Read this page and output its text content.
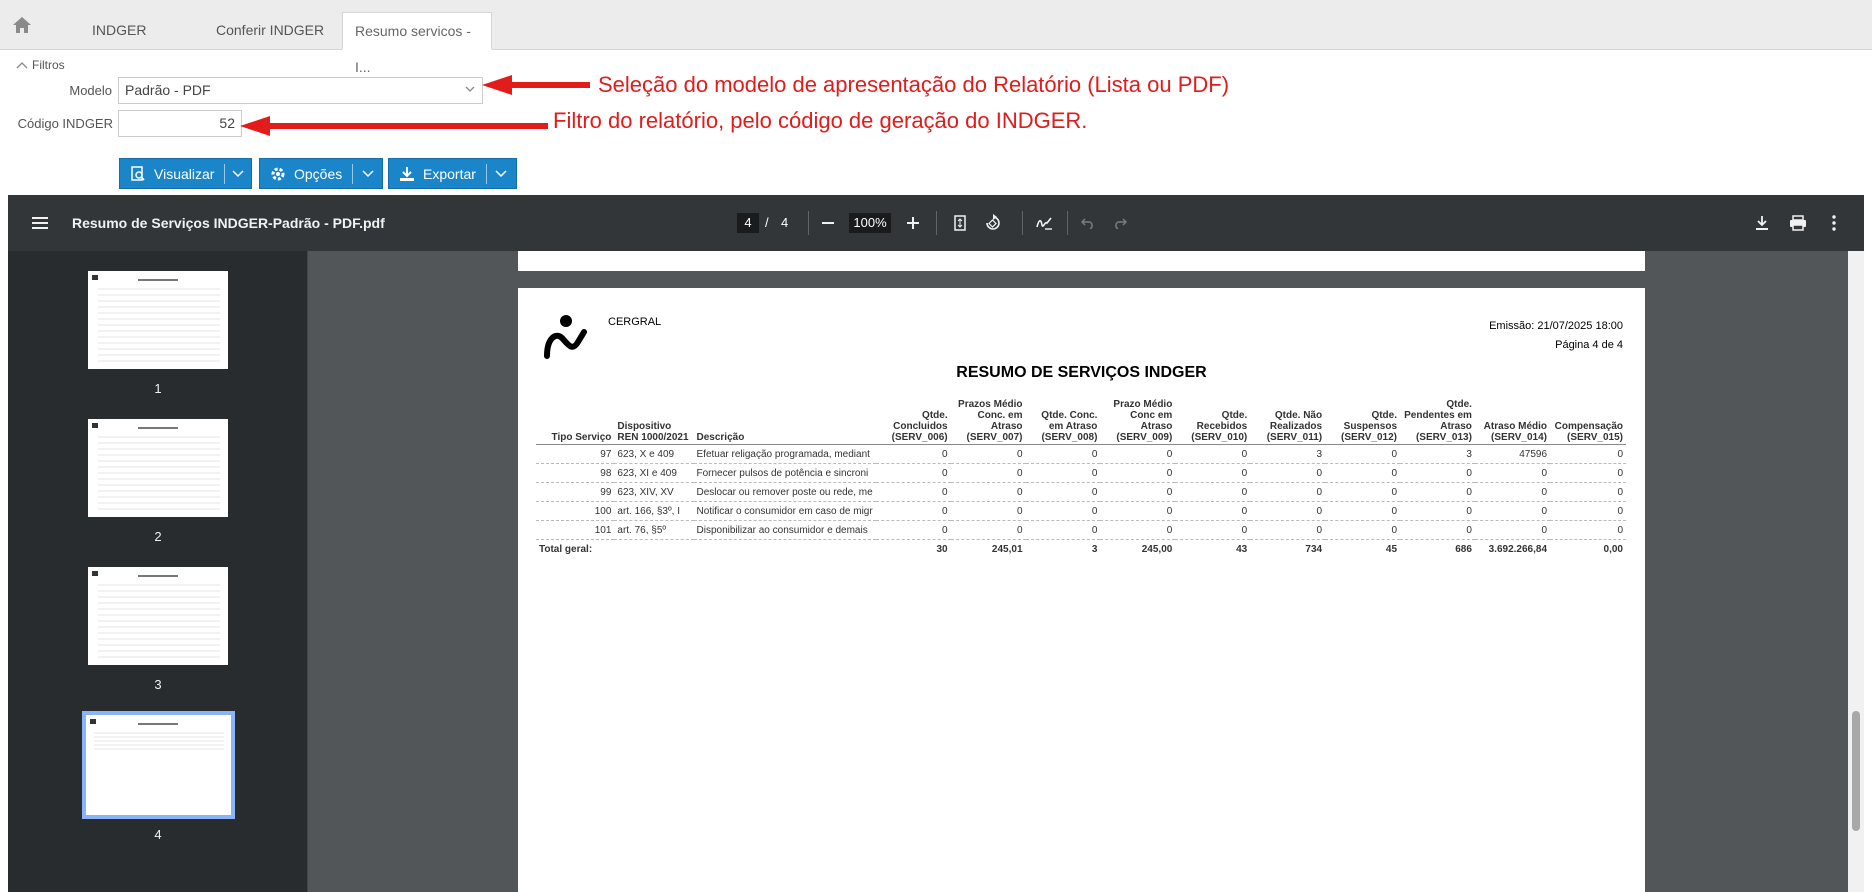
INDGER	Conferir INDGER	Resumo servicos - I...
Filtros
Modelo Padrão - PDF
Código INDGER	52
Seleção do modelo de apresentação do Relatório (Lista ou PDF)
Filtro do relatório, pelo código de geração do INDGER.
Visualizar	Opções	Exportar
Resumo de Serviços INDGER-Padrão - PDF.pdf	4	/ 4	100%
1
2
3
4
CERGRAL	Emissão: 21/07/2025 18:00
Página 4 de 4
RESUMO DE SERVIÇOS INDGER
Tipo Serviço	Dispositivo REN 1000/2021	Descrição	Qtde. Concluidos (SERV_006)	Prazos Médio Conc. em Atraso (SERV_007)	Qtde. Conc. em Atraso (SERV_008)	Prazo Médio Conc em Atraso (SERV_009)	Qtde. Recebidos (SERV_010)	Qtde. Não Realizados (SERV_011)	Qtde. Suspensos (SERV_012)	Qtde. Pendentes em Atraso (SERV_013)	Atraso Médio (SERV_014)	Compensação (SERV_015)
97	623, X e 409	Efetuar religação programada, mediant	0	0	0	0	0	3	0	3	47596	0
98	623, XI e 409	Fornecer pulsos de potência e sincroni	0	0	0	0	0	0	0	0	0	0
99	623, XIV, XV	Deslocar ou remover poste ou rede, me	0	0	0	0	0	0	0	0	0	0
100	art. 166, §3º, I	Notificar o consumidor em caso de migr	0	0	0	0	0	0	0	0	0	0
101	art. 76, §5º	Disponibilizar ao consumidor e demais	0	0	0	0	0	0	0	0	0	0
Total geral:			30	245,01	3	245,00	43	734	45	686	3.692.266,84	0,00
